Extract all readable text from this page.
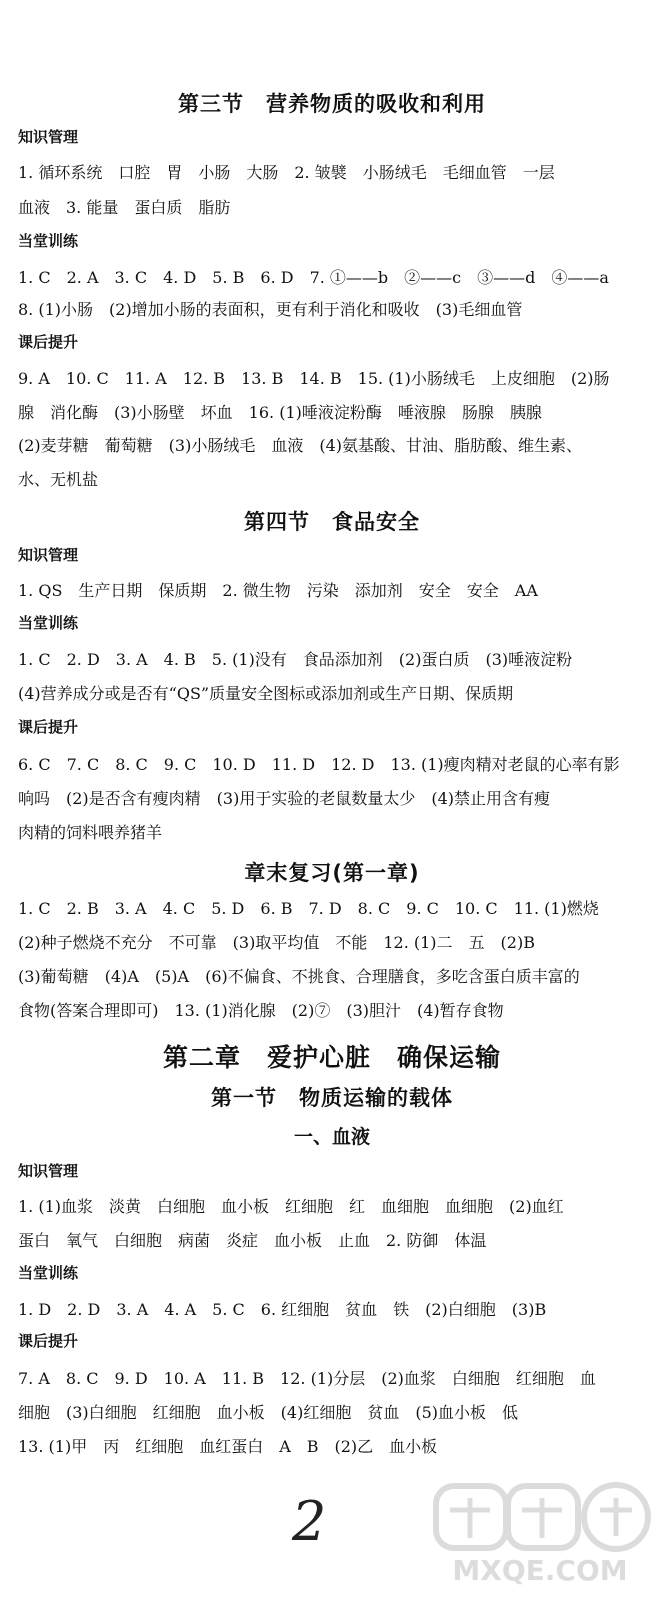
第三节　营养物质的吸收和利用
知识管理
1. 循环系统　口腔　胃　小肠　大肠　2. 皱襞　小肠绒毛　毛细血管　一层
血液　3. 能量　蛋白质　脂肪
当堂训练
1. C　2. A　3. C　4. D　5. B　6. D　7. ①——b　②——c　③——d　④——a
8. (1)小肠　(2)增加小肠的表面积，更有利于消化和吸收　(3)毛细血管
课后提升
9. A　10. C　11. A　12. B　13. B　14. B　15. (1)小肠绒毛　上皮细胞　(2)肠
腺　消化酶　(3)小肠壁　坏血　16. (1)唾液淀粉酶　唾液腺　肠腺　胰腺
(2)麦芽糖　葡萄糖　(3)小肠绒毛　血液　(4)氨基酸、甘油、脂肪酸、维生素、
水、无机盐
第四节　食品安全
知识管理
1. QS　生产日期　保质期　2. 微生物　污染　添加剂　安全　安全　AA
当堂训练
1. C　2. D　3. A　4. B　5. (1)没有　食品添加剂　(2)蛋白质　(3)唾液淀粉
(4)营养成分或是否有“QS”质量安全图标或添加剂或生产日期、保质期
课后提升
6. C　7. C　8. C　9. C　10. D　11. D　12. D　13. (1)瘦肉精对老鼠的心率有影
响吗　(2)是否含有瘦肉精　(3)用于实验的老鼠数量太少　(4)禁止用含有瘦
肉精的饲料喂养猪羊
章末复习(第一章)
1. C　2. B　3. A　4. C　5. D　6. B　7. D　8. C　9. C　10. C　11. (1)燃烧
(2)种子燃烧不充分　不可靠　(3)取平均值　不能　12. (1)二　五　(2)B
(3)葡萄糖　(4)A　(5)A　(6)不偏食、不挑食、合理膳食，多吃含蛋白质丰富的
食物(答案合理即可)　13. (1)消化腺　(2)⑦　(3)胆汁　(4)暂存食物
第二章　爱护心脏　确保运输
第一节　物质运输的载体
一、血液
知识管理
1. (1)血浆　淡黄　白细胞　血小板　红细胞　红　血细胞　血细胞　(2)血红
蛋白　氧气　白细胞　病菌　炎症　血小板　止血　2. 防御　体温
当堂训练
1. D　2. D　3. A　4. A　5. C　6. 红细胞　贫血　铁　(2)白细胞　(3)B
课后提升
7. A　8. C　9. D　10. A　11. B　12. (1)分层　(2)血浆　白细胞　红细胞　血
细胞　(3)白细胞　红细胞　血小板　(4)红细胞　贫血　(5)血小板　低
13. (1)甲　丙　红细胞　血红蛋白　A　B　(2)乙　血小板
2
MXQE.COM
